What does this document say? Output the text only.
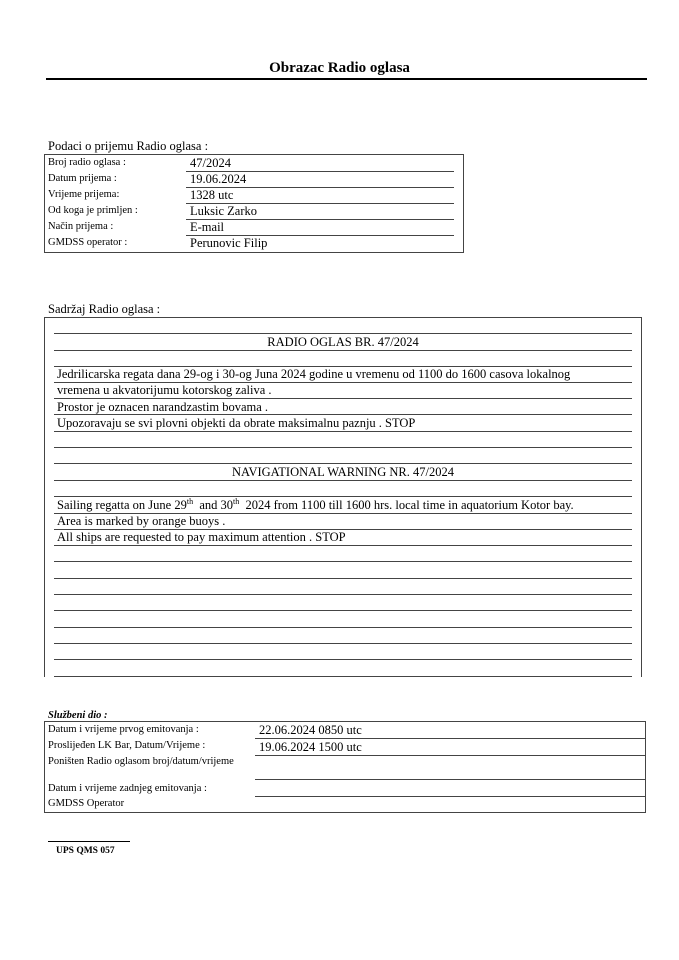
Obrazac Radio oglasa
Podaci o prijemu Radio oglasa :
Broj radio oglasa :	47/2024
Datum prijema :	19.06.2024
Vrijeme prijema:	1328 utc
Od koga je primljen :	Luksic Zarko
Način prijema :	E-mail
GMDSS operator :	Perunovic Filip
Sadržaj Radio oglasa :
RADIO OGLAS BR. 47/2024
Jedrilicarska regata dana 29-og i 30-og Juna 2024 godine u vremenu od 1100 do 1600 casova lokalnog
vremena u akvatorijumu kotorskog zaliva .
Prostor je oznacen narandzastim bovama .
Upozoravaju se svi plovni objekti da obrate maksimalnu paznju . STOP
NAVIGATIONAL WARNING NR. 47/2024
Sailing regatta on June 29th  and 30th  2024 from 1100 till 1600 hrs. local time in aquatorium Kotor bay.
Area is marked by orange buoys .
All ships are requested to pay maximum attention . STOP
Službeni dio :
Datum i vrijeme prvog emitovanja :	22.06.2024 0850 utc
Prosliјeđen LK Bar, Datum/Vrijeme :	19.06.2024 1500 utc
Poništen Radio oglasom broj/datum/vrijeme
Datum i vrijeme zadnjeg emitovanja :
GMDSS Operator
UPS QMS 057
